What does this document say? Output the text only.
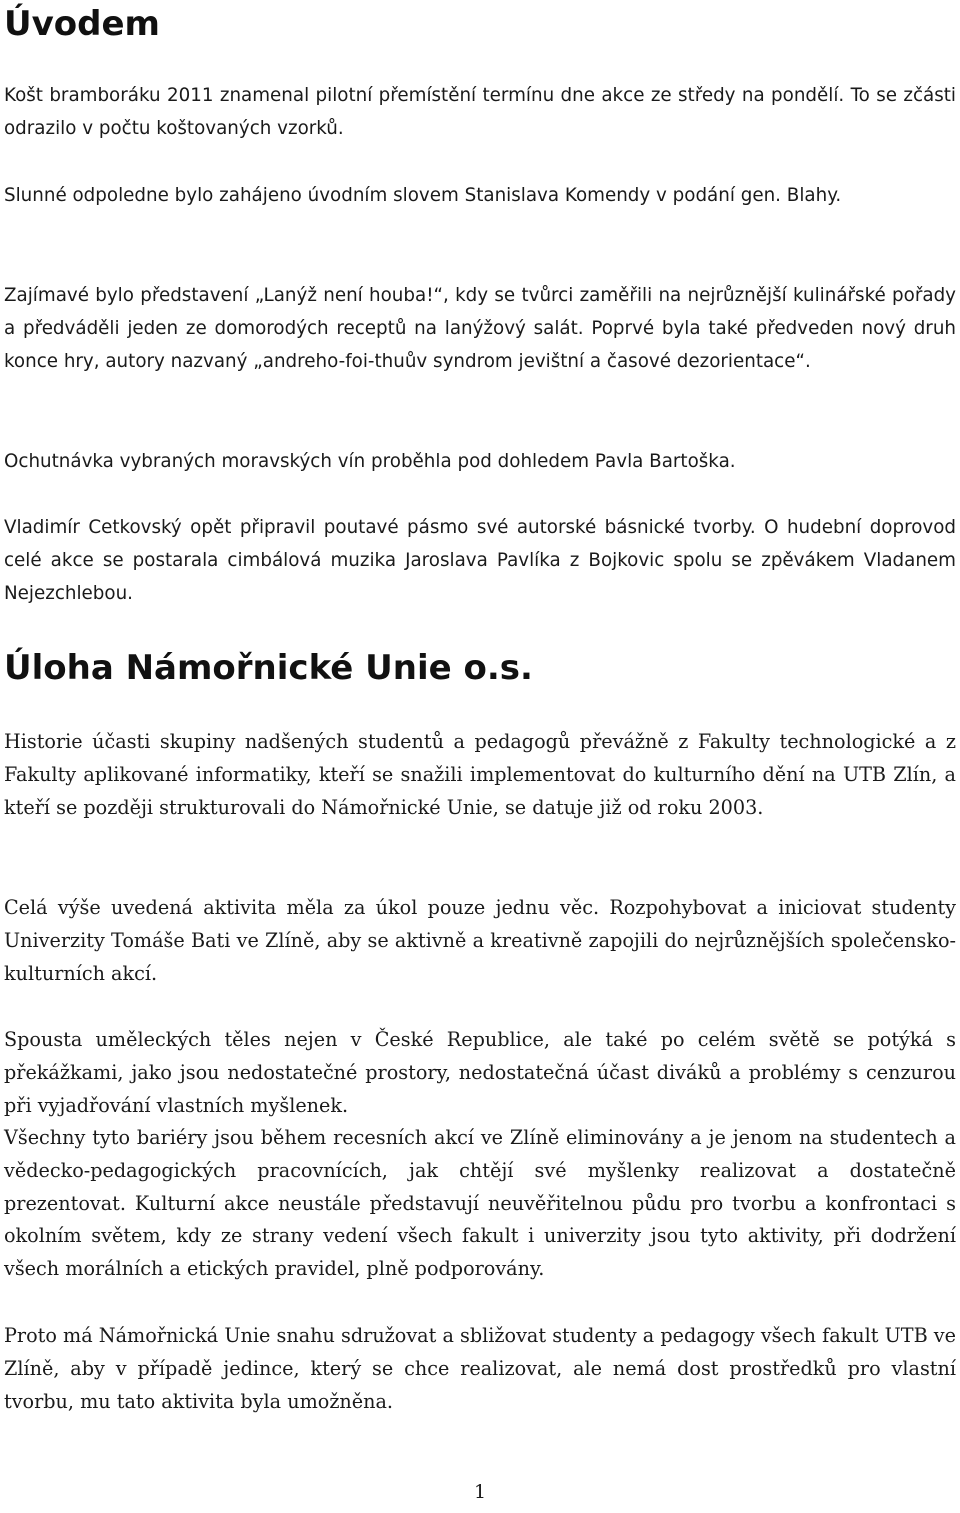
Úvodem

Košt bramboráku 2011 znamenal pilotní přemístění termínu dne akce ze středy na pondělí. To se zčásti odrazilo v počtu koštovaných vzorků.

Slunné odpoledne bylo zahájeno úvodním slovem Stanislava Komendy v podání gen. Blahy.

Zajímavé bylo představení „Lanýž není houba!“, kdy se tvůrci zaměřili na nejrůznější kulinářské pořady a předváděli jeden ze domorodých receptů na lanýžový salát. Poprvé byla také předveden nový druh konce hry, autory nazvaný „andreho-foi-thuův syndrom jevištní a časové dezorientace“.

Ochutnávka vybraných moravských vín proběhla pod dohledem Pavla Bartoška.

Vladimír Cetkovský opět připravil poutavé pásmo své autorské básnické tvorby. O hudební doprovod celé akce se postarala cimbálová muzika Jaroslava Pavlíka z Bojkovic spolu se zpěvákem Vladanem Nejezchlebou.

Úloha Námořnické Unie o.s.

Historie účasti skupiny nadšených studentů a pedagogů převážně z Fakulty technologické a z Fakulty aplikované informatiky, kteří se snažili implementovat do kulturního dění na UTB Zlín, a kteří se později strukturovali do Námořnické Unie, se datuje již od roku 2003.

Celá výše uvedená aktivita měla za úkol pouze jednu věc. Rozpohybovat a iniciovat studenty Univerzity Tomáše Bati ve Zlíně, aby se aktivně a kreativně zapojili do nejrůznějších společensko-kulturních akcí.

Spousta uměleckých těles nejen v České Republice, ale také po celém světě se potýká s překážkami, jako jsou nedostatečné prostory, nedostatečná účast diváků a problémy s cenzurou při vyjadřování vlastních myšlenek.

Všechny tyto bariéry jsou během recesních akcí ve Zlíně eliminovány a je jenom na studentech a vědecko-pedagogických pracovnících, jak chtějí své myšlenky realizovat a dostatečně prezentovat. Kulturní akce neustále představují neuvěřitelnou půdu pro tvorbu a konfrontaci s okolním světem, kdy ze strany vedení všech fakult i univerzity jsou tyto aktivity, při dodržení všech morálních a etických pravidel, plně podporovány.

Proto má Námořnická Unie snahu sdružovat a sbližovat studenty a pedagogy všech fakult UTB ve Zlíně, aby v případě jedince, který se chce realizovat, ale nemá dost prostředků pro vlastní tvorbu, mu tato aktivita byla umožněna.

1
